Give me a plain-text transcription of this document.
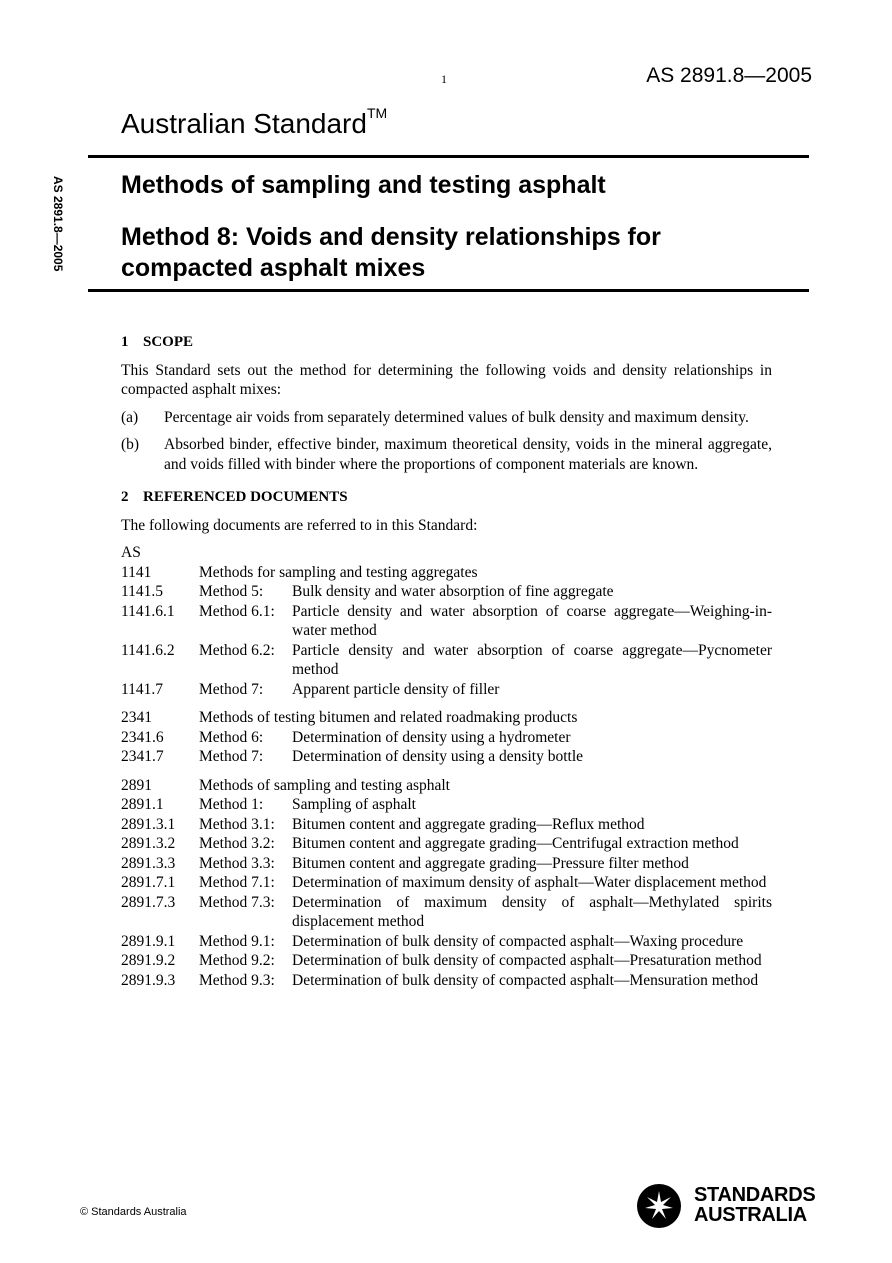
1	AS 2891.8—2005
Australian Standard™
AS 2891.8—2005 Methods of sampling and testing asphalt
Method 8: Voids and density relationships for compacted asphalt mixes
1 SCOPE

This Standard sets out the method for determining the following voids and density relationships in compacted asphalt mixes:

(a)	Percentage air voids from separately determined values of bulk density and maximum density.
(b)	Absorbed binder, effective binder, maximum theoretical density, voids in the mineral aggregate, and voids filled with binder where the proportions of component materials are known.
2 REFERENCED DOCUMENTS

The following documents are referred to in this Standard:

AS
1141	Methods for sampling and testing aggregates
1141.5	Method 5:	Bulk density and water absorption of fine aggregate
1141.6.1	Method 6.1:	Particle density and water absorption of coarse aggregate—Weighing-in-water method
1141.6.2	Method 6.2:	Particle density and water absorption of coarse aggregate—Pycnometer method
1141.7	Method 7:	Apparent particle density of filler
2341	Methods of testing bitumen and related roadmaking products
2341.6	Method 6:	Determination of density using a hydrometer
2341.7	Method 7:	Determination of density using a density bottle
2891	Methods of sampling and testing asphalt
2891.1	Method 1:	Sampling of asphalt
2891.3.1	Method 3.1:	Bitumen content and aggregate grading—Reflux method
2891.3.2	Method 3.2:	Bitumen content and aggregate grading—Centrifugal extraction method
2891.3.3	Method 3.3:	Bitumen content and aggregate grading—Pressure filter method
2891.7.1	Method 7.1:	Determination of maximum density of asphalt—Water displacement method
2891.7.3	Method 7.3:	Determination of maximum density of asphalt—Methylated spirits displacement method
2891.9.1	Method 9.1:	Determination of bulk density of compacted asphalt—Waxing procedure
2891.9.2	Method 9.2:	Determination of bulk density of compacted asphalt—Presaturation method
2891.9.3	Method 9.3:	Determination of bulk density of compacted asphalt—Mensuration method
© Standards Australia
STANDARDS
AUSTRALIA
